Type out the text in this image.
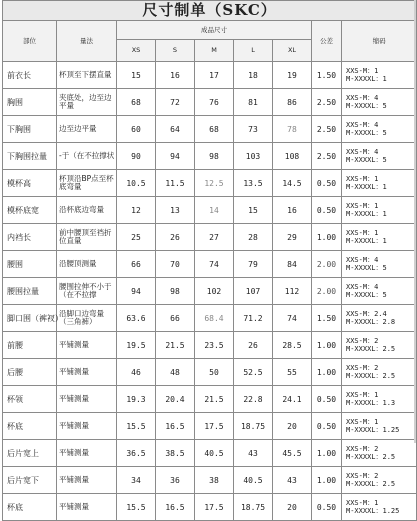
尺寸制单（SKC）								
部位	量法	成品尺寸					公差	缩码
		XS	S	M	L	XL		
前衣长	杯顶至下摆直量	15	16	17	18	19	1.50	XXS-M：1
M-XXXXL：1
胸围	夹底处，边至边平量	68	72	76	81	86	2.50	XXS-M：4
M-XXXXL：5
下胸围	边至边平量	60	64	68	73	78	2.50	XXS-M：4
M-XXXXL：5
下胸围拉量	-于（在不拉撑状	90	94	98	103	108	2.50	XXS-M：4
M-XXXXL：5
模杯高	杯顶沿BP点至杯底弯量	10.5	11.5	12.5	13.5	14.5	0.50	XXS-M：1
M-XXXXL：1
模杯底宽	沿杯底边弯量	12	13	14	15	16	0.50	XXS-M：1
M-XXXXL：1
内裆长	前中腰顶至裆折位直量	25	26	27	28	29	1.00	XXS-M：1
M-XXXXL：1
腰围	沿腰顶测量	66	70	74	79	84	2.00	XXS-M：4
M-XXXXL：5
腰围拉量	腰围拉伸不小于（在不拉撑	94	98	102	107	112	2.00	XXS-M：4
M-XXXXL：5
脚口围（裤衩）	沿脚口边弯量（三角裤）	63.6	66	68.4	71.2	74	1.50	XXS-M：2.4
M-XXXXL：2.8
前腰	平铺测量	19.5	21.5	23.5	26	28.5	1.00	XXS-M：2
M-XXXXL：2.5
后腰	平铺测量	46	48	50	52.5	55	1.00	XXS-M：2
M-XXXXL：2.5
杯领	平铺测量	19.3	20.4	21.5	22.8	24.1	0.50	XXS-M：1
M-XXXXL：1.3
杯底	平铺测量	15.5	16.5	17.5	18.75	20	0.50	XXS-M：1
M-XXXXL：1.25
后片宽上	平铺测量	36.5	38.5	40.5	43	45.5	1.00	XXS-M：2
M-XXXXL：2.5
后片宽下	平铺测量	34	36	38	40.5	43	1.00	XXS-M：2
M-XXXXL：2.5
杯底	平铺测量	15.5	16.5	17.5	18.75	20	0.50	XXS-M：1
M-XXXXL：1.25
